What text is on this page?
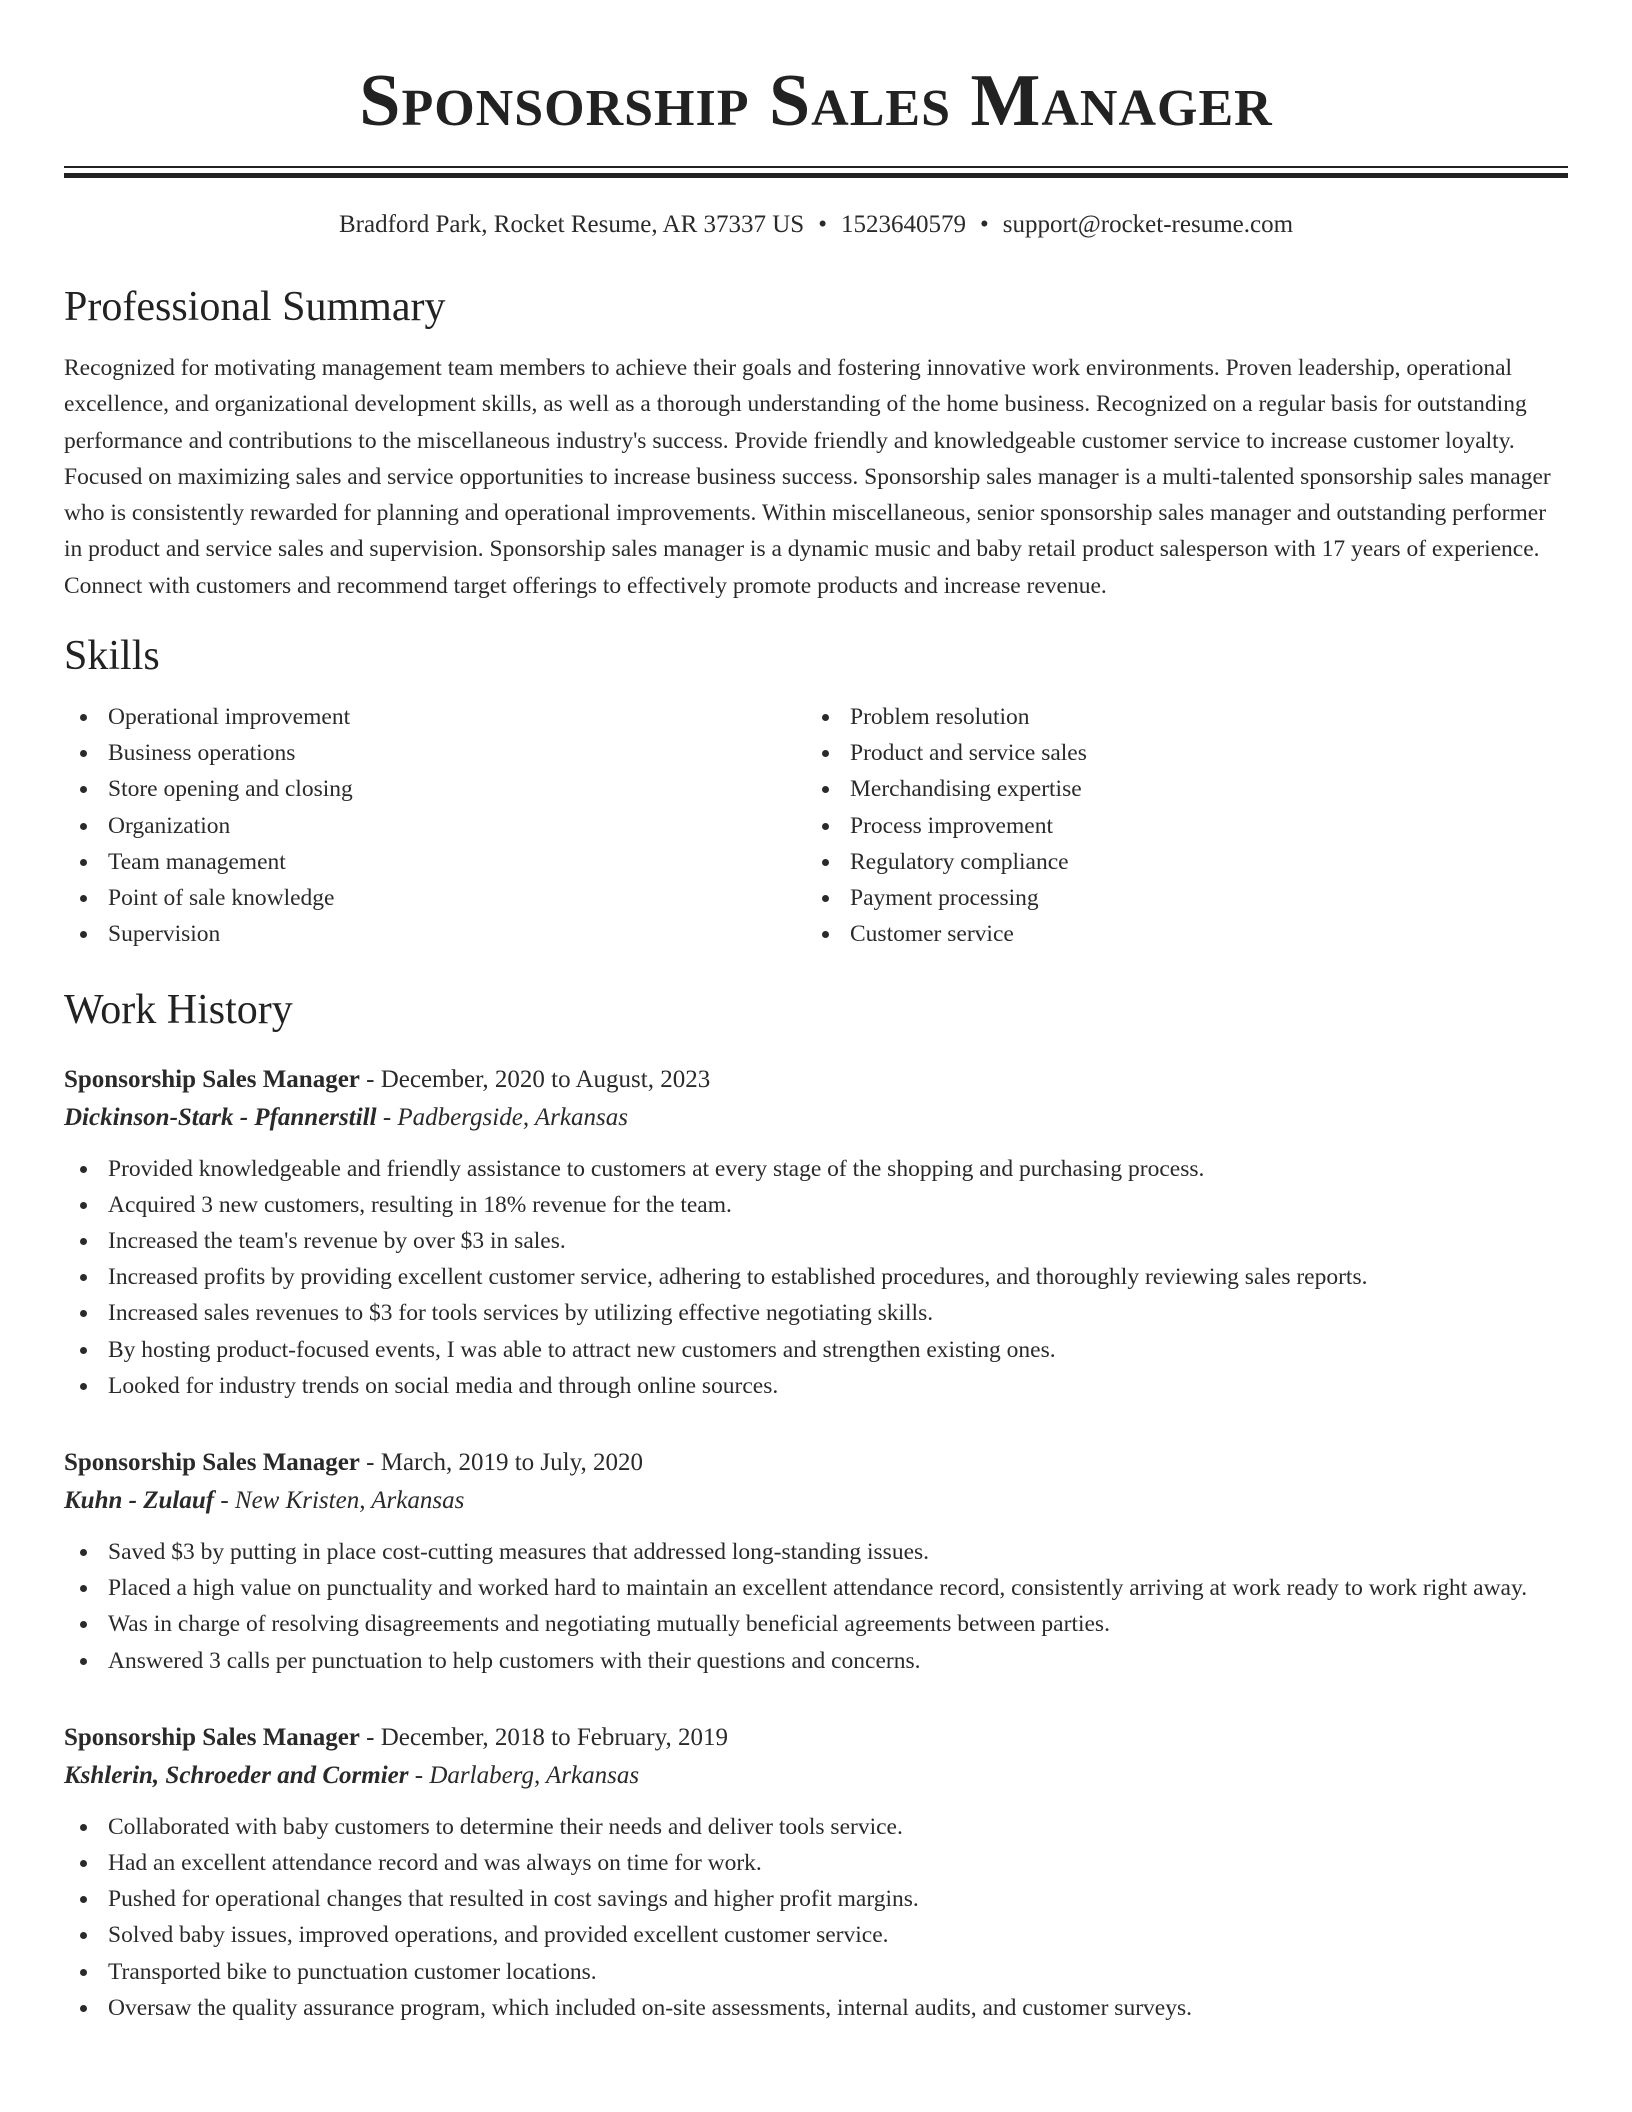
Sponsorship Sales Manager
Bradford Park, Rocket Resume, AR 37337 US • 1523640579 • support@rocket-resume.com
Professional Summary

Recognized for motivating management team members to achieve their goals and fostering innovative work environments. Proven leadership, operational excellence, and organizational development skills, as well as a thorough understanding of the home business. Recognized on a regular basis for outstanding performance and contributions to the miscellaneous industry's success. Provide friendly and knowledgeable customer service to increase customer loyalty. Focused on maximizing sales and service opportunities to increase business success. Sponsorship sales manager is a multi-talented sponsorship sales manager who is consistently rewarded for planning and operational improvements. Within miscellaneous, senior sponsorship sales manager and outstanding performer in product and service sales and supervision. Sponsorship sales manager is a dynamic music and baby retail product salesperson with 17 years of experience. Connect with customers and recommend target offerings to effectively promote products and increase revenue.

Skills
Operational improvement
Business operations
Store opening and closing
Organization
Team management
Point of sale knowledge
Supervision
Problem resolution
Product and service sales
Merchandising expertise
Process improvement
Regulatory compliance
Payment processing
Customer service
Work History
Sponsorship Sales Manager - December, 2020 to August, 2023
Dickinson-Stark - Pfannerstill - Padbergside, Arkansas
Provided knowledgeable and friendly assistance to customers at every stage of the shopping and purchasing process.
Acquired 3 new customers, resulting in 18% revenue for the team.
Increased the team's revenue by over $3 in sales.
Increased profits by providing excellent customer service, adhering to established procedures, and thoroughly reviewing sales reports.
Increased sales revenues to $3 for tools services by utilizing effective negotiating skills.
By hosting product-focused events, I was able to attract new customers and strengthen existing ones.
Looked for industry trends on social media and through online sources.
Sponsorship Sales Manager - March, 2019 to July, 2020
Kuhn - Zulauf - New Kristen, Arkansas
Saved $3 by putting in place cost-cutting measures that addressed long-standing issues.
Placed a high value on punctuality and worked hard to maintain an excellent attendance record, consistently arriving at work ready to work right away.
Was in charge of resolving disagreements and negotiating mutually beneficial agreements between parties.
Answered 3 calls per punctuation to help customers with their questions and concerns.
Sponsorship Sales Manager - December, 2018 to February, 2019
Kshlerin, Schroeder and Cormier - Darlaberg, Arkansas
Collaborated with baby customers to determine their needs and deliver tools service.
Had an excellent attendance record and was always on time for work.
Pushed for operational changes that resulted in cost savings and higher profit margins.
Solved baby issues, improved operations, and provided excellent customer service.
Transported bike to punctuation customer locations.
Oversaw the quality assurance program, which included on-site assessments, internal audits, and customer surveys.
